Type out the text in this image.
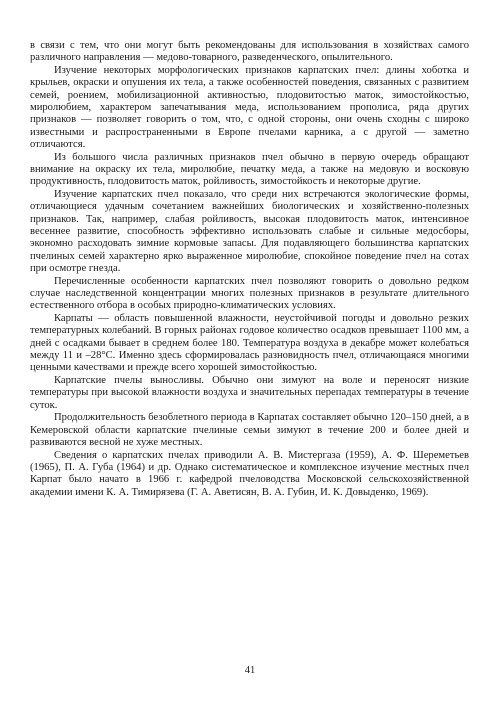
в связи с тем, что они могут быть рекомендованы для использования в хозяйствах самого различного направления — медово-товарного, разведенческого, опылительного.

Изучение некоторых морфологических признаков карпатских пчел: длины хоботка и крыльев, окраски и опушения их тела, а также особенностей поведения, связанных с развитием семей, роением, мобилизационной активностью, плодовитостью маток, зимостойкостью, миролюбием, характером запечатывания меда, использованием прополиса, ряда других признаков — позволяет говорить о том, что, с одной стороны, они очень сходны с широко известными и распространенными в Европе пчелами карника, а с другой — заметно отличаются.

Из большого числа различных признаков пчел обычно в первую очередь обращают внимание на окраску их тела, миролюбие, печатку меда, а также на медовую и восковую продуктивность, плодовитость маток, ройливость, зимостойкость и некоторые другие.

Изучение карпатских пчел показало, что среди них встречаются экологические формы, отличающиеся удачным сочетанием важнейших биологических и хозяйственно-полезных признаков. Так, например, слабая ройливость, высокая плодовитость маток, интенсивное весеннее развитие, способность эффективно использовать слабые и сильные медосборы, экономно расходовать зимние кормовые запасы. Для подавляющего большинства карпатских пчелиных семей характерно ярко выраженное миролюбие, спокойное поведение пчел на сотах при осмотре гнезда.

Перечисленные особенности карпатских пчел позволяют говорить о довольно редком случае наследственной концентрации многих полезных признаков в результате длительного естественного отбора в особых природно-климатических условиях.

Карпаты — область повышенной влажности, неустойчивой погоды и довольно резких температурных колебаний. В горных районах годовое количество осадков превышает 1100 мм, а дней с осадками бывает в среднем более 180. Температура воздуха в декабре может колебаться между 11 и –28°С. Именно здесь сформировалась разновидность пчел, отличающаяся многими ценными качествами и прежде всего хорошей зимостойкостью.

Карпатские пчелы выносливы. Обычно они зимуют на воле и переносят низкие температуры при высокой влажности воздуха и значительных перепадах температуры в течение суток.

Продолжительность безоблетного периода в Карпатах составляет обычно 120–150 дней, а в Кемеровской области карпатские пчелиные семьи зимуют в течение 200 и более дней и развиваются весной не хуже местных.

Сведения о карпатских пчелах приводили А. В. Мистергаза (1959), А. Ф. Шереметьев (1965), П. А. Губа (1964) и др. Однако систематическое и комплексное изучение местных пчел Карпат было начато в 1966 г. кафедрой пчеловодства Московской сельскохозяйственной академии имени К. А. Тимирязева (Г. А. Аветисян, В. А. Губин, И. К. Довыденко, 1969).

41
